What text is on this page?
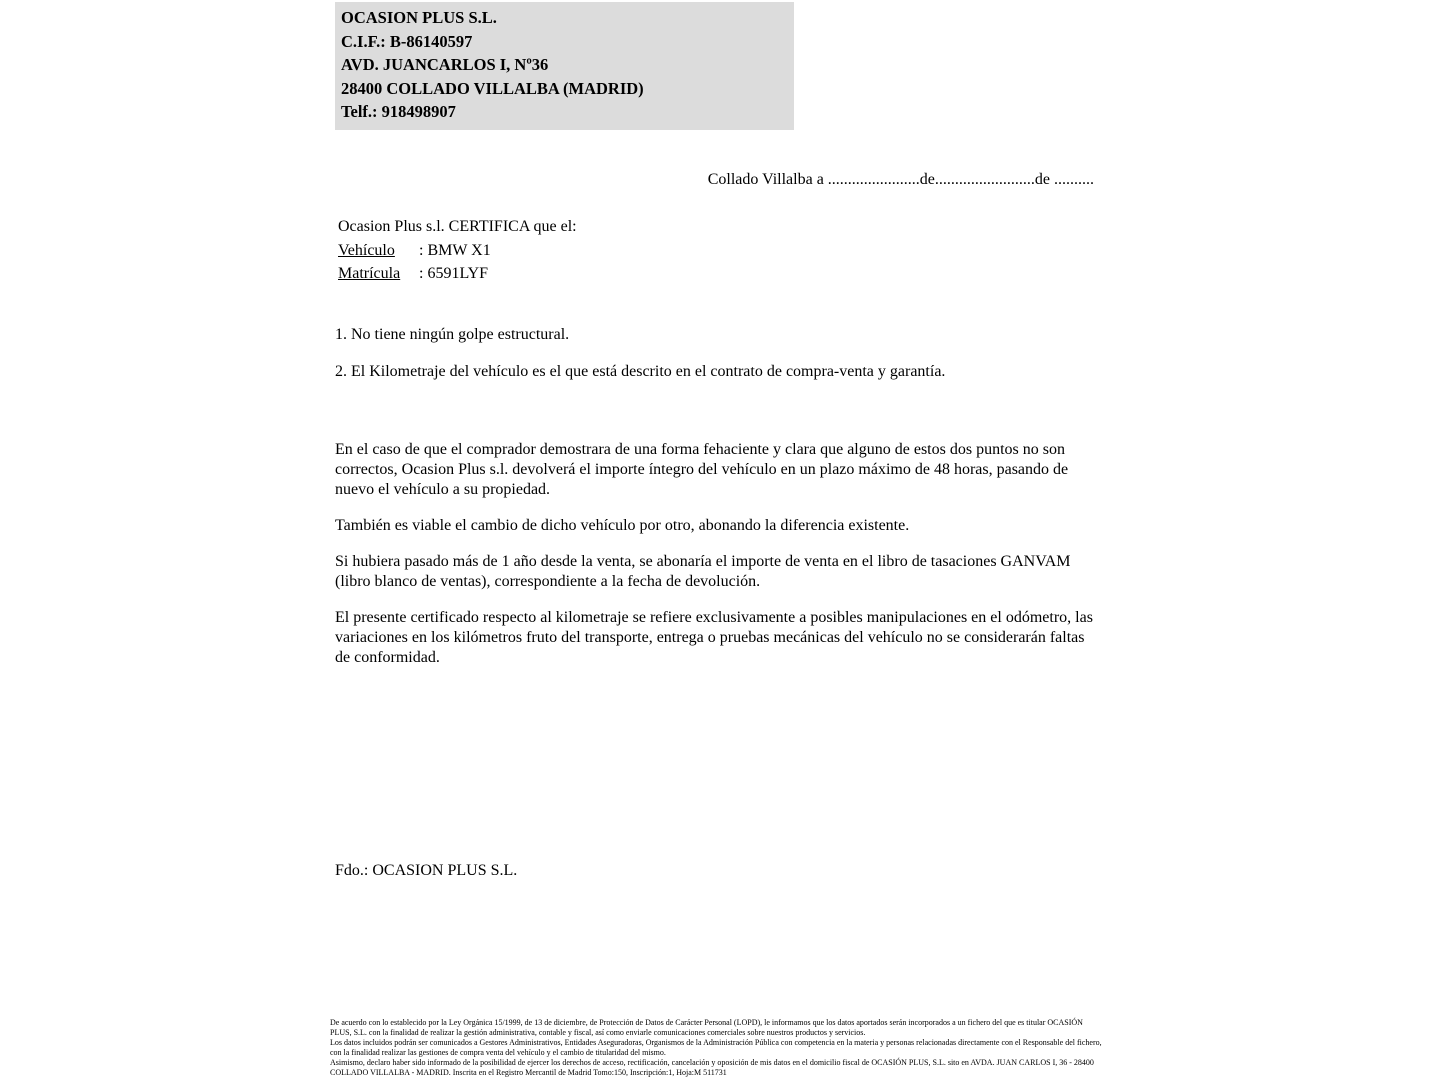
OCASION PLUS S.L.
C.I.F.: B-86140597
AVD. JUANCARLOS I, Nº36
28400 COLLADO VILLALBA (MADRID)
Telf.: 918498907
Collado Villalba a .......................de.........................de ..........
Ocasion Plus s.l. CERTIFICA que el:
Vehículo	: BMW X1
Matrícula	: 6591LYF
1. No tiene ningún golpe estructural.
2. El Kilometraje del vehículo es el que está descrito en el contrato de compra-venta y garantía.
En el caso de que el comprador demostrara de una forma fehaciente y clara que alguno de estos dos puntos no son correctos, Ocasion Plus s.l. devolverá el importe íntegro del vehículo en un plazo máximo de 48 horas, pasando de nuevo el vehículo a su propiedad.
También es viable el cambio de dicho vehículo por otro, abonando la diferencia existente.
Si hubiera pasado más de 1 año desde la venta, se abonaría el importe de venta en el libro de tasaciones GANVAM (libro blanco de ventas), correspondiente a la fecha de devolución.
El presente certificado respecto al kilometraje se refiere exclusivamente a posibles manipulaciones en el odómetro, las variaciones en los kilómetros fruto del transporte, entrega o pruebas mecánicas del vehículo no se considerarán faltas de conformidad.
Fdo.: OCASION PLUS S.L.
De acuerdo con lo establecido por la Ley Orgánica 15/1999, de 13 de diciembre, de Protección de Datos de Carácter Personal (LOPD), le informamos que los datos aportados serán incorporados a un fichero del que es titular OCASIÓN PLUS, S.L. con la finalidad de realizar la gestión administrativa, contable y fiscal, así como enviarle comunicaciones comerciales sobre nuestros productos y servicios.
Los datos incluidos podrán ser comunicados a Gestores Administrativos, Entidades Aseguradoras, Organismos de la Administración Pública con competencia en la materia y personas relacionadas directamente con el Responsable del fichero, con la finalidad realizar las gestiones de compra venta del vehículo y el cambio de titularidad del mismo.
Asimismo, declaro haber sido informado de la posibilidad de ejercer los derechos de acceso, rectificación, cancelación y oposición de mis datos en el domicilio fiscal de OCASIÓN PLUS, S.L. sito en AVDA. JUAN CARLOS I, 36 - 28400 COLLADO VILLALBA - MADRID. Inscrita en el Registro Mercantil de Madrid Tomo:150, Inscripción:1, Hoja:M 511731
